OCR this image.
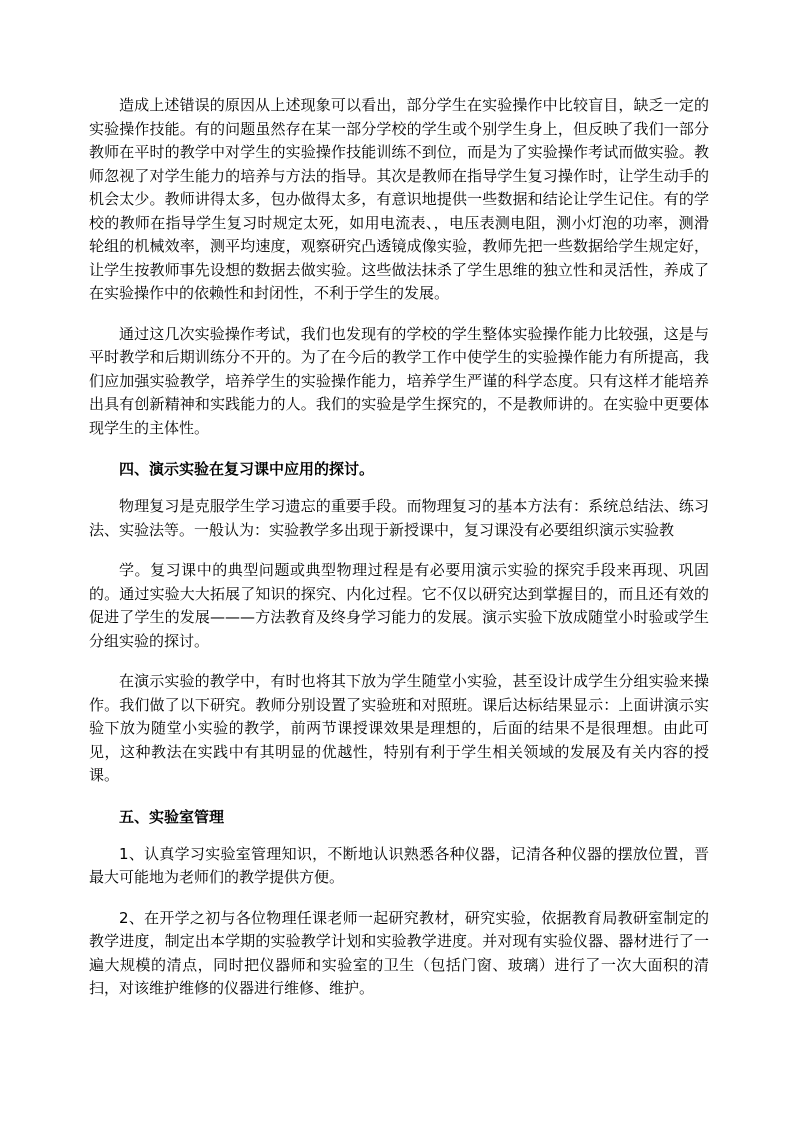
造成上述错误的原因从上述现象可以看出，部分学生在实验操作中比较盲目，缺乏一定的实验操作技能。有的问题虽然存在某一部分学校的学生或个别学生身上，但反映了我们一部分教师在平时的教学中对学生的实验操作技能训练不到位，而是为了实验操作考试而做实验。教师忽视了对学生能力的培养与方法的指导。其次是教师在指导学生复习操作时，让学生动手的机会太少。教师讲得太多，包办做得太多，有意识地提供一些数据和结论让学生记住。有的学校的教师在指导学生复习时规定太死，如用电流表、，电压表测电阻，测小灯泡的功率，测滑轮组的机械效率，测平均速度，观察研究凸透镜成像实验，教师先把一些数据给学生规定好，让学生按教师事先设想的数据去做实验。这些做法抹杀了学生思维的独立性和灵活性，养成了在实验操作中的依赖性和封闭性，不利于学生的发展。

通过这几次实验操作考试，我们也发现有的学校的学生整体实验操作能力比较强，这是与平时教学和后期训练分不开的。为了在今后的教学工作中使学生的实验操作能力有所提高，我们应加强实验教学，培养学生的实验操作能力，培养学生严谨的科学态度。只有这样才能培养出具有创新精神和实践能力的人。我们的实验是学生探究的，不是教师讲的。在实验中更要体现学生的主体性。

四、演示实验在复习课中应用的探讨。

物理复习是克服学生学习遗忘的重要手段。而物理复习的基本方法有：系统总结法、练习法、实验法等。一般认为：实验教学多出现于新授课中，复习课没有必要组织演示实验教

学。复习课中的典型问题或典型物理过程是有必要用演示实验的探究手段来再现、巩固的。通过实验大大拓展了知识的探究、内化过程。它不仅以研究达到掌握目的，而且还有效的促进了学生的发展———方法教育及终身学习能力的发展。演示实验下放成随堂小时验或学生分组实验的探讨。

在演示实验的教学中，有时也将其下放为学生随堂小实验，甚至设计成学生分组实验来操作。我们做了以下研究。教师分别设置了实验班和对照班。课后达标结果显示：上面讲演示实验下放为随堂小实验的教学，前两节课授课效果是理想的，后面的结果不是很理想。由此可见，这种教法在实践中有其明显的优越性，特别有利于学生相关领域的发展及有关内容的授课。

五、实验室管理

1、认真学习实验室管理知识，不断地认识熟悉各种仪器，记清各种仪器的摆放位置，晋最大可能地为老师们的教学提供方便。

2、在开学之初与各位物理任课老师一起研究教材，研究实验，依据教育局教研室制定的教学进度，制定出本学期的实验教学计划和实验教学进度。并对现有实验仪器、器材进行了一遍大规模的清点，同时把仪器师和实验室的卫生（包括门窗、玻璃）进行了一次大面积的清扫，对该维护维修的仪器进行维修、维护。
